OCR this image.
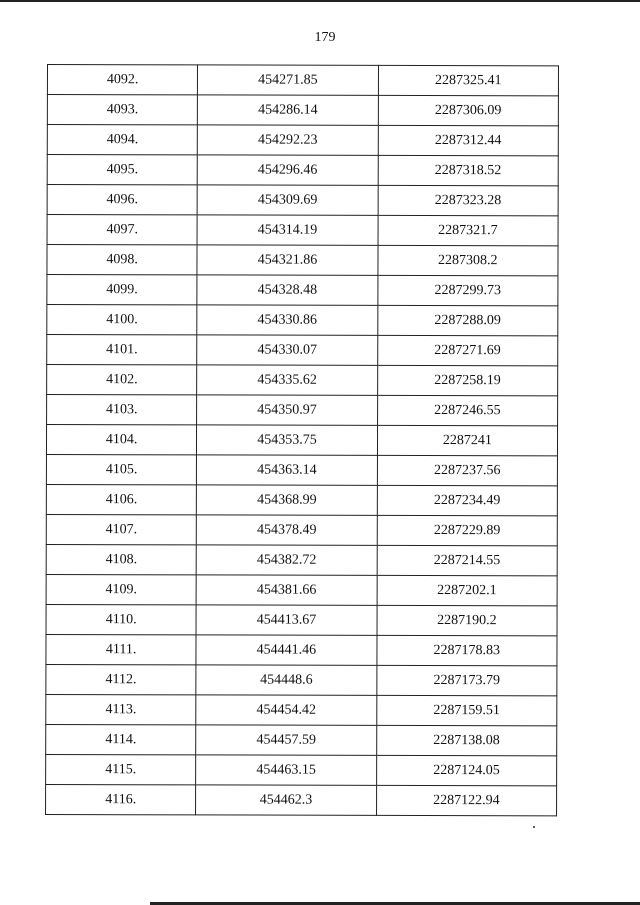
179
4092.	454271.85	2287325.41
4093.	454286.14	2287306.09
4094.	454292.23	2287312.44
4095.	454296.46	2287318.52
4096.	454309.69	2287323.28
4097.	454314.19	2287321.7
4098.	454321.86	2287308.2
4099.	454328.48	2287299.73
4100.	454330.86	2287288.09
4101.	454330.07	2287271.69
4102.	454335.62	2287258.19
4103.	454350.97	2287246.55
4104.	454353.75	2287241
4105.	454363.14	2287237.56
4106.	454368.99	2287234.49
4107.	454378.49	2287229.89
4108.	454382.72	2287214.55
4109.	454381.66	2287202.1
4110.	454413.67	2287190.2
4111.	454441.46	2287178.83
4112.	454448.6	2287173.79
4113.	454454.42	2287159.51
4114.	454457.59	2287138.08
4115.	454463.15	2287124.05
4116.	454462.3	2287122.94
